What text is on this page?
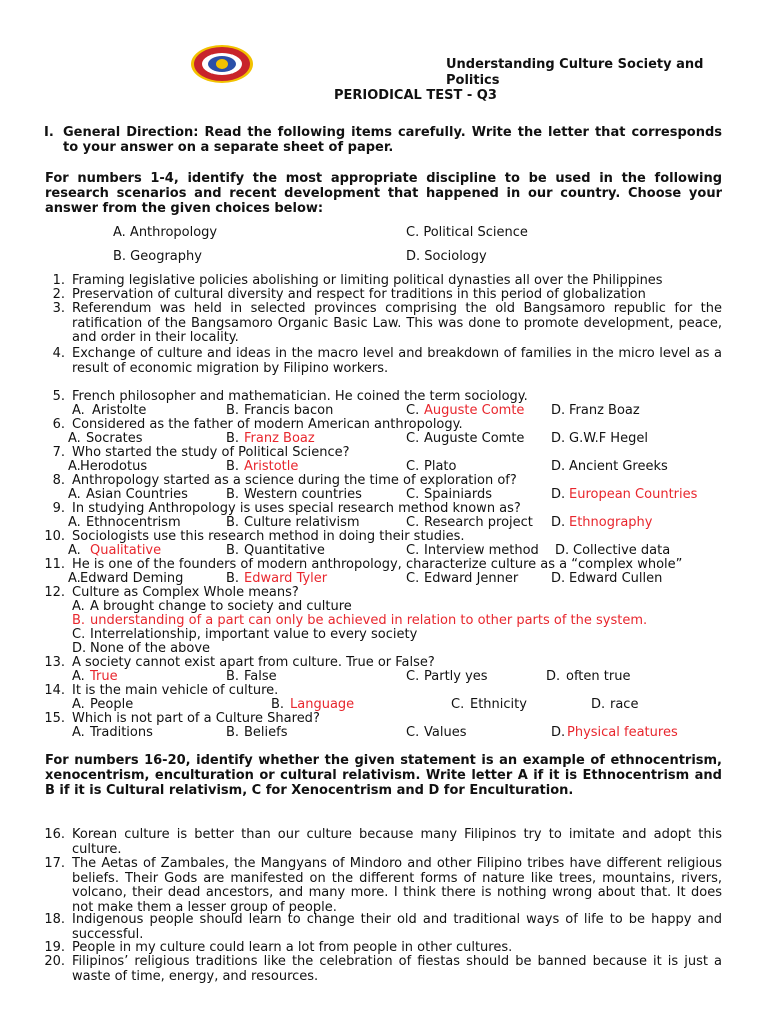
Understanding Culture Society and
Politics
PERIODICAL TEST - Q3
I. General Direction: Read the following items carefully. Write the letter that corresponds to your answer on a separate sheet of paper.
For numbers 1-4, identify the most appropriate discipline to be used in the following research scenarios and recent development that happened in our country. Choose your answer from the given choices below:
A. Anthropology	C. Political Science
B. Geography	D. Sociology
1. Framing legislative policies abolishing or limiting political dynasties all over the Philippines
2. Preservation of cultural diversity and respect for traditions in this period of globalization
3. Referendum was held in selected provinces comprising the old Bangsamoro republic for the ratification of the Bangsamoro Organic Basic Law. This was done to promote development, peace, and order in their locality.
4. Exchange of culture and ideas in the macro level and breakdown of families in the micro level as a result of economic migration by Filipino workers.
5. French philosopher and mathematician. He coined the term sociology.
A. Aristolte	B. Francis bacon	C. Auguste Comte D. Franz Boaz
6. Considered as the father of modern American anthropology.
A. Socrates	B. Franz Boaz	C. Auguste Comte D. G.W.F Hegel
7. Who started the study of Political Science?
A. Herodotus	B. Aristotle	C. Plato	D. Ancient Greeks
8. Anthropology started as a science during the time of exploration of?
A. Asian Countries	B. Western countries	C. Spainiards	D. European Countries
9. In studying Anthropology is uses special research method known as?
A. Ethnocentrism	B. Culture relativism	C. Research project D. Ethnography
10. Sociologists use this research method in doing their studies.
A. Qualitative	B. Quantitative	C. Interview method D. Collective data
11. He is one of the founders of modern anthropology, characterize culture as a “complex whole”
A. Edward Deming	B. Edward Tyler	C. Edward Jenner	D. Edward Cullen
12. Culture as Complex Whole means?
A. A brought change to society and culture
B. understanding of a part can only be achieved in relation to other parts of the system.
C. Interrelationship, important value to every society
D. None of the above
13. A society cannot exist apart from culture. True or False?
A. True	B. False	C. Partly yes	D. often true
14. It is the main vehicle of culture.
A. People	B. Language	C. Ethnicity	D. race
15. Which is not part of a Culture Shared?
A. Traditions	B. Beliefs	C. Values	D. Physical features
For numbers 16-20, identify whether the given statement is an example of ethnocentrism, xenocentrism, enculturation or cultural relativism. Write letter A if it is Ethnocentrism and B if it is Cultural relativism, C for Xenocentrism and D for Enculturation.
16. Korean culture is better than our culture because many Filipinos try to imitate and adopt this culture.
17. The Aetas of Zambales, the Mangyans of Mindoro and other Filipino tribes have different religious beliefs. Their Gods are manifested on the different forms of nature like trees, mountains, rivers, volcano, their dead ancestors, and many more. I think there is nothing wrong about that. It does not make them a lesser group of people.
18. Indigenous people should learn to change their old and traditional ways of life to be happy and successful.
19. People in my culture could learn a lot from people in other cultures.
20. Filipinos’ religious traditions like the celebration of fiestas should be banned because it is just a waste of time, energy, and resources.
